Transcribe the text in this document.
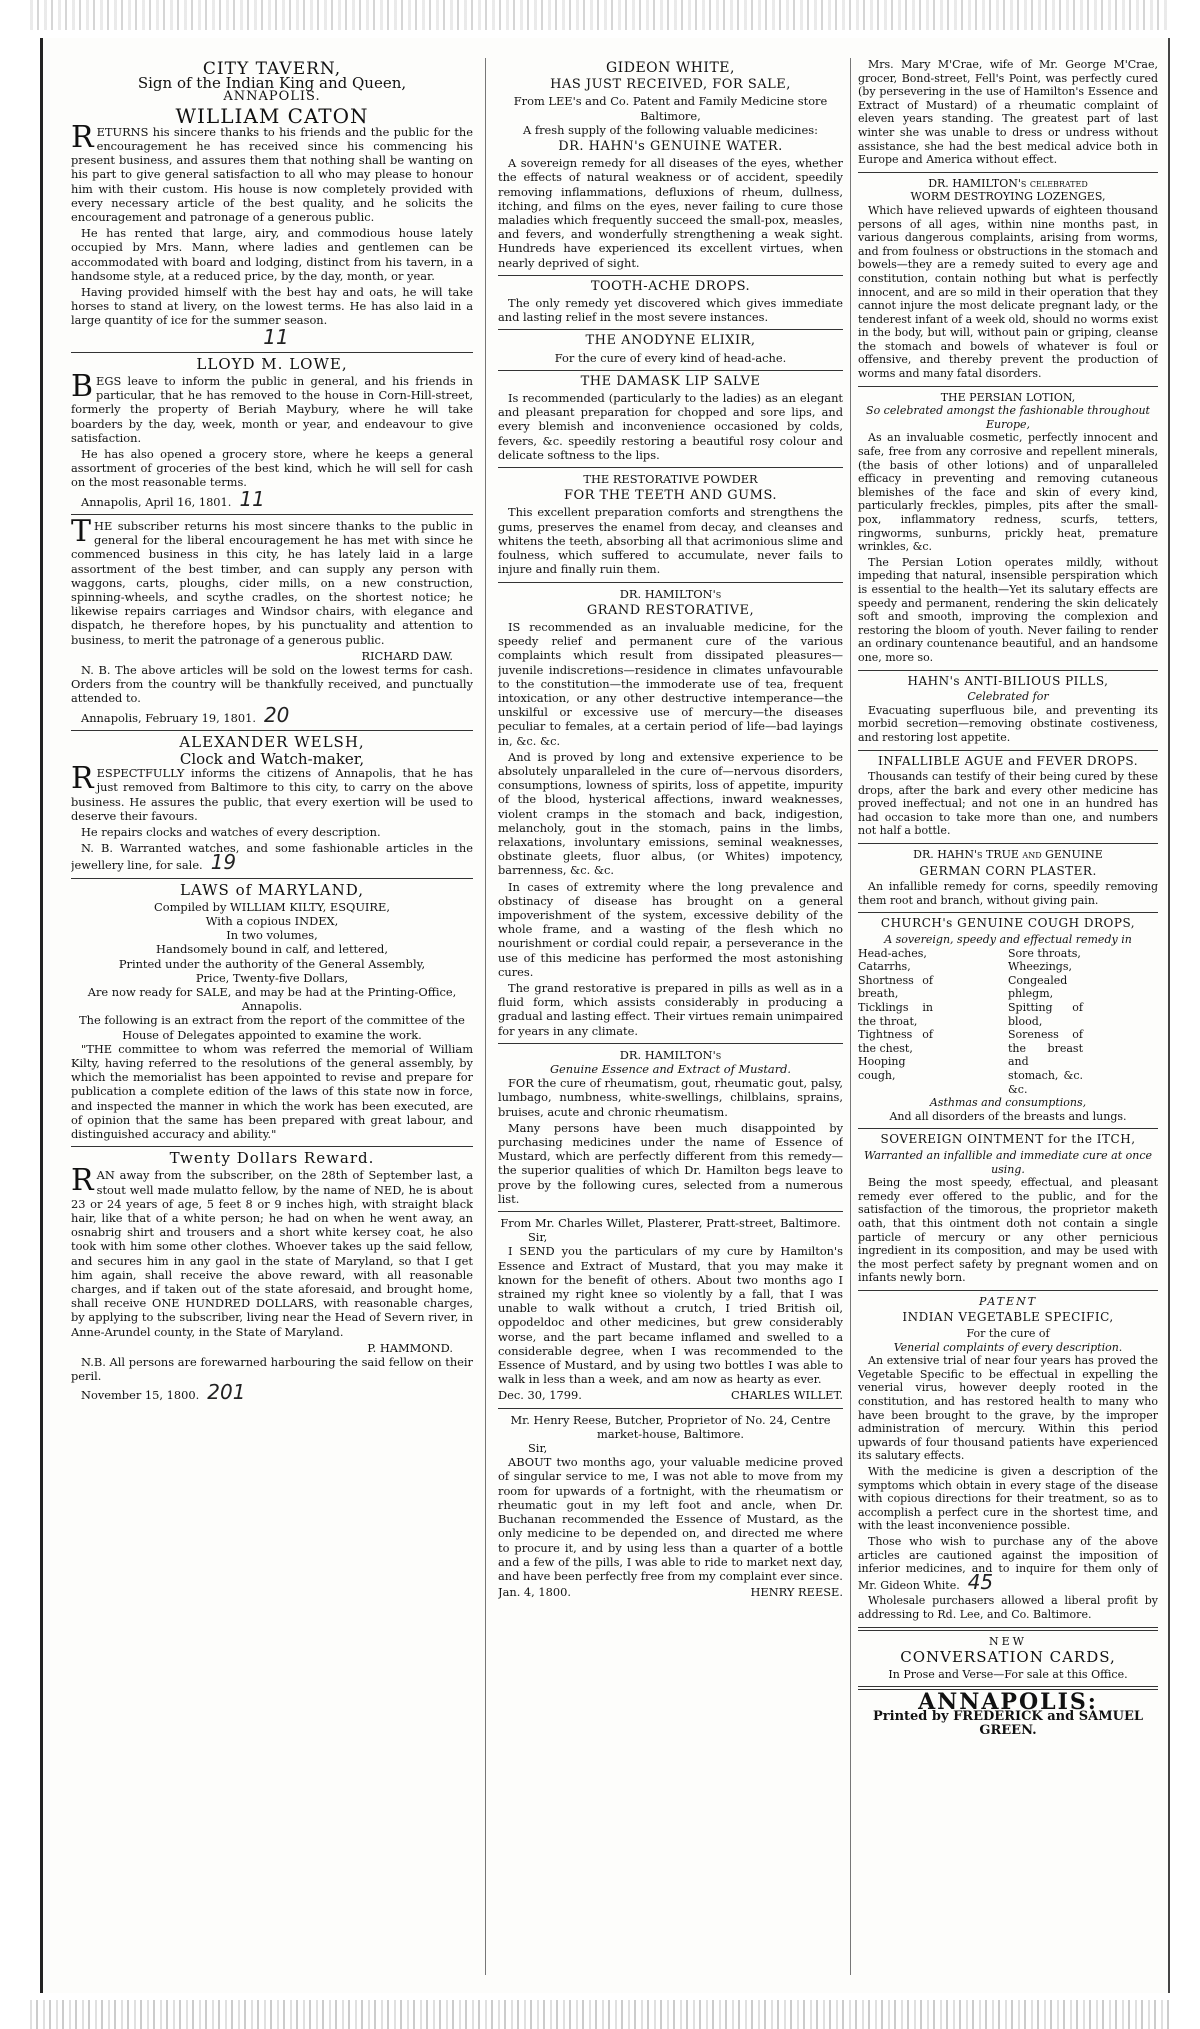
CITY TAVERN,
Sign of the Indian King and Queen,
ANNAPOLIS.
WILLIAM CATON

RETURNS his sincere thanks to his friends and the public for the encouragement he has received since his commencing his present business, and assures them that nothing shall be wanting on his part to give general satisfaction to all who may please to honour him with their custom. His house is now completely provided with every necessary article of the best quality, and he solicits the encouragement and patronage of a generous public.

He has rented that large, airy, and commodious house lately occupied by Mrs. Mann, where ladies and gentlemen can be accommodated with board and lodging, distinct from his tavern, in a handsome style, at a reduced price, by the day, month, or year.

Having provided himself with the best hay and oats, he will take horses to stand at livery, on the lowest terms. He has also laid in a large quantity of ice for the summer season.

11
LLOYD M. LOWE,

BEGS leave to inform the public in general, and his friends in particular, that he has removed to the house in Corn-Hill-street, formerly the property of Beriah Maybury, where he will take boarders by the day, week, month or year, and endeavour to give satisfaction.

He has also opened a grocery store, where he keeps a general assortment of groceries of the best kind, which he will sell for cash on the most reasonable terms.

Annapolis, April 16, 1801. 11

THE subscriber returns his most sincere thanks to the public in general for the liberal encouragement he has met with since he commenced business in this city, he has lately laid in a large assortment of the best timber, and can supply any person with waggons, carts, ploughs, cider mills, on a new construction, spinning-wheels, and scythe cradles, on the shortest notice; he likewise repairs carriages and Windsor chairs, with elegance and dispatch, he therefore hopes, by his punctuality and attention to business, to merit the patronage of a generous public.

RICHARD DAW.

N. B. The above articles will be sold on the lowest terms for cash. Orders from the country will be thankfully received, and punctually attended to.

Annapolis, February 19, 1801. 20

ALEXANDER WELSH,
Clock and Watch-maker,

RESPECTFULLY informs the citizens of Annapolis, that he has just removed from Baltimore to this city, to carry on the above business. He assures the public, that every exertion will be used to deserve their favours.

He repairs clocks and watches of every description.

N. B. Warranted watches, and some fashionable articles in the jewellery line, for sale. 19

LAWS of MARYLAND,
Compiled by WILLIAM KILTY, ESQUIRE,
With a copious INDEX,
In two volumes,
Handsomely bound in calf, and lettered,
Printed under the authority of the General Assembly,
Price, Twenty-five Dollars,
Are now ready for SALE, and may be had at the Printing-Office, Annapolis.
The following is an extract from the report of the committee of the House of Delegates appointed to examine the work.

"THE committee to whom was referred the memorial of William Kilty, having referred to the resolutions of the general assembly, by which the memorialist has been appointed to revise and prepare for publication a complete edition of the laws of this state now in force, and inspected the manner in which the work has been executed, are of opinion that the same has been prepared with great labour, and distinguished accuracy and ability."

Twenty Dollars Reward.

RAN away from the subscriber, on the 28th of September last, a stout well made mulatto fellow, by the name of NED, he is about 23 or 24 years of age, 5 feet 8 or 9 inches high, with straight black hair, like that of a white person; he had on when he went away, an osnabrig shirt and trousers and a short white kersey coat, he also took with him some other clothes. Whoever takes up the said fellow, and secures him in any gaol in the state of Maryland, so that I get him again, shall receive the above reward, with all reasonable charges, and if taken out of the state aforesaid, and brought home, shall receive ONE HUNDRED DOLLARS, with reasonable charges, by applying to the subscriber, living near the Head of Severn river, in Anne-Arundel county, in the State of Maryland.

P. HAMMOND.

N.B. All persons are forewarned harbouring the said fellow on their peril.

November 15, 1800. 201

GIDEON WHITE,
HAS JUST RECEIVED, FOR SALE,
From LEE's and Co. Patent and Family Medicine store Baltimore,
A fresh supply of the following valuable medicines:
DR. HAHN's GENUINE WATER.

A sovereign remedy for all diseases of the eyes, whether the effects of natural weakness or of accident, speedily removing inflammations, defluxions of rheum, dullness, itching, and films on the eyes, never failing to cure those maladies which frequently succeed the small-pox, measles, and fevers, and wonderfully strengthening a weak sight. Hundreds have experienced its excellent virtues, when nearly deprived of sight.

TOOTH-ACHE DROPS.

The only remedy yet discovered which gives immediate and lasting relief in the most severe instances.

THE ANODYNE ELIXIR,
For the cure of every kind of head-ache.
THE DAMASK LIP SALVE

Is recommended (particularly to the ladies) as an elegant and pleasant preparation for chopped and sore lips, and every blemish and inconvenience occasioned by colds, fevers, &c. speedily restoring a beautiful rosy colour and delicate softness to the lips.

THE RESTORATIVE POWDER
FOR THE TEETH AND GUMS.

This excellent preparation comforts and strengthens the gums, preserves the enamel from decay, and cleanses and whitens the teeth, absorbing all that acrimonious slime and foulness, which suffered to accumulate, never fails to injure and finally ruin them.

DR. HAMILTON's
GRAND RESTORATIVE,

IS recommended as an invaluable medicine, for the speedy relief and permanent cure of the various complaints which result from dissipated pleasures—juvenile indiscretions—residence in climates unfavourable to the constitution—the immoderate use of tea, frequent intoxication, or any other destructive intemperance—the unskilful or excessive use of mercury—the diseases peculiar to females, at a certain period of life—bad layings in, &c. &c.

And is proved by long and extensive experience to be absolutely unparalleled in the cure of—nervous disorders, consumptions, lowness of spirits, loss of appetite, impurity of the blood, hysterical affections, inward weaknesses, violent cramps in the stomach and back, indigestion, melancholy, gout in the stomach, pains in the limbs, relaxations, involuntary emissions, seminal weaknesses, obstinate gleets, fluor albus, (or Whites) impotency, barrenness, &c. &c.

In cases of extremity where the long prevalence and obstinacy of disease has brought on a general impoverishment of the system, excessive debility of the whole frame, and a wasting of the flesh which no nourishment or cordial could repair, a perseverance in the use of this medicine has performed the most astonishing cures.

The grand restorative is prepared in pills as well as in a fluid form, which assists considerably in producing a gradual and lasting effect. Their virtues remain unimpaired for years in any climate.

DR. HAMILTON's
Genuine Essence and Extract of Mustard.

FOR the cure of rheumatism, gout, rheumatic gout, palsy, lumbago, numbness, white-swellings, chilblains, sprains, bruises, acute and chronic rheumatism.

Many persons have been much disappointed by purchasing medicines under the name of Essence of Mustard, which are perfectly different from this remedy—the superior qualities of which Dr. Hamilton begs leave to prove by the following cures, selected from a numerous list.

From Mr. Charles Willet, Plasterer, Pratt-street, Baltimore.
Sir,

I SEND you the particulars of my cure by Hamilton's Essence and Extract of Mustard, that you may make it known for the benefit of others. About two months ago I strained my right knee so violently by a fall, that I was unable to walk without a crutch, I tried British oil, oppodeldoc and other medicines, but grew considerably worse, and the part became inflamed and swelled to a considerable degree, when I was recommended to the Essence of Mustard, and by using two bottles I was able to walk in less than a week, and am now as hearty as ever.

Dec. 30, 1799.	CHARLES WILLET.
Mr. Henry Reese, Butcher, Proprietor of No. 24, Centre market-house, Baltimore.
Sir,

ABOUT two months ago, your valuable medicine proved of singular service to me, I was not able to move from my room for upwards of a fortnight, with the rheumatism or rheumatic gout in my left foot and ancle, when Dr. Buchanan recommended the Essence of Mustard, as the only medicine to be depended on, and directed me where to procure it, and by using less than a quarter of a bottle and a few of the pills, I was able to ride to market next day, and have been perfectly free from my complaint ever since.

Jan. 4, 1800.	HENRY REESE.

Mrs. Mary M'Crae, wife of Mr. George M'Crae, grocer, Bond-street, Fell's Point, was perfectly cured (by persevering in the use of Hamilton's Essence and Extract of Mustard) of a rheumatic complaint of eleven years standing. The greatest part of last winter she was unable to dress or undress without assistance, she had the best medical advice both in Europe and America without effect.

DR. HAMILTON's celebrated
WORM DESTROYING LOZENGES,

Which have relieved upwards of eighteen thousand persons of all ages, within nine months past, in various dangerous complaints, arising from worms, and from foulness or obstructions in the stomach and bowels—they are a remedy suited to every age and constitution, contain nothing but what is perfectly innocent, and are so mild in their operation that they cannot injure the most delicate pregnant lady, or the tenderest infant of a week old, should no worms exist in the body, but will, without pain or griping, cleanse the stomach and bowels of whatever is foul or offensive, and thereby prevent the production of worms and many fatal disorders.

THE PERSIAN LOTION,
So celebrated amongst the fashionable throughout Europe,

As an invaluable cosmetic, perfectly innocent and safe, free from any corrosive and repellent minerals, (the basis of other lotions) and of unparalleled efficacy in preventing and removing cutaneous blemishes of the face and skin of every kind, particularly freckles, pimples, pits after the small-pox, inflammatory redness, scurfs, tetters, ringworms, sunburns, prickly heat, premature wrinkles, &c.

The Persian Lotion operates mildly, without impeding that natural, insensible perspiration which is essential to the health—Yet its salutary effects are speedy and permanent, rendering the skin delicately soft and smooth, improving the complexion and restoring the bloom of youth. Never failing to render an ordinary countenance beautiful, and an handsome one, more so.

HAHN's ANTI-BILIOUS PILLS,
Celebrated for

Evacuating superfluous bile, and preventing its morbid secretion—removing obstinate costiveness, and restoring lost appetite.

INFALLIBLE AGUE and FEVER DROPS.

Thousands can testify of their being cured by these drops, after the bark and every other medicine has proved ineffectual; and not one in an hundred has had occasion to take more than one, and numbers not half a bottle.

DR. HAHN's TRUE and GENUINE
GERMAN CORN PLASTER.

An infallible remedy for corns, speedily removing them root and branch, without giving pain.

CHURCH's GENUINE COUGH DROPS,
A sovereign, speedy and effectual remedy in
Head-aches,
Catarrhs,
Shortness of breath,
Ticklings in the throat,
Tightness of the chest,
Hooping cough,
Sore throats,
Wheezings,
Congealed phlegm,
Spitting of blood,
Soreness of the breast and
stomach, &c. &c.
Asthmas and consumptions,
And all disorders of the breasts and lungs.
SOVEREIGN OINTMENT for the ITCH,
Warranted an infallible and immediate cure at once using.

Being the most speedy, effectual, and pleasant remedy ever offered to the public, and for the satisfaction of the timorous, the proprietor maketh oath, that this ointment doth not contain a single particle of mercury or any other pernicious ingredient in its composition, and may be used with the most perfect safety by pregnant women and on infants newly born.

PATENT
INDIAN VEGETABLE SPECIFIC,
For the cure of
Venerial complaints of every description.

An extensive trial of near four years has proved the Vegetable Specific to be effectual in expelling the venerial virus, however deeply rooted in the constitution, and has restored health to many who have been brought to the grave, by the improper administration of mercury. Within this period upwards of four thousand patients have experienced its salutary effects.

With the medicine is given a description of the symptoms which obtain in every stage of the disease with copious directions for their treatment, so as to accomplish a perfect cure in the shortest time, and with the least inconvenience possible.

Those who wish to purchase any of the above articles are cautioned against the imposition of inferior medicines, and to inquire for them only of Mr. Gideon White. 45

Wholesale purchasers allowed a liberal profit by addressing to Rd. Lee, and Co. Baltimore.

NEW
CONVERSATION CARDS,
In Prose and Verse—For sale at this Office.
ANNAPOLIS:
Printed by FREDERICK and SAMUEL
GREEN.
